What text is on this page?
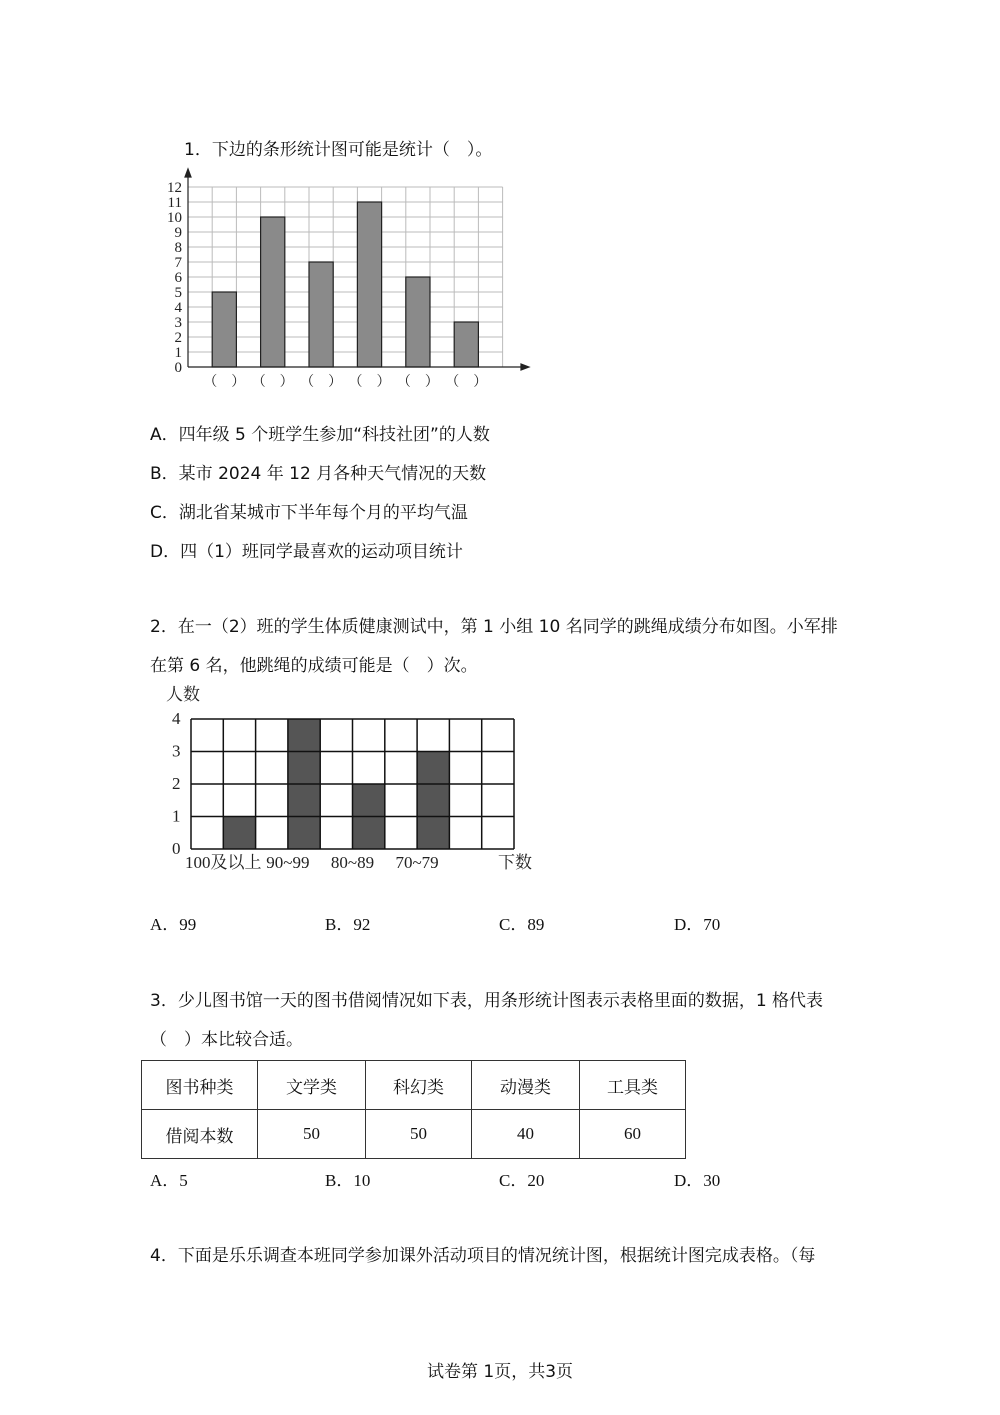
1．下边的条形统计图可能是统计（　）。
0
1
2
3
4
5
6
7
8
9
10
11
12
（　） （　） （　） （　） （　） （　）
A．四年级 5 个班学生参加“科技社团”的人数
B．某市 2024 年 12 月各种天气情况的天数
C．湖北省某城市下半年每个月的平均气温
D．四（1）班同学最喜欢的运动项目统计
2．在一（2）班的学生体质健康测试中，第 1 小组 10 名同学的跳绳成绩分布如图。小军排
在第 6 名，他跳绳的成绩可能是（　）次。
人数
0
1
2
3
4
100及以上 90~99 80~89 70~79	下数
A．99	B．92	C．89	D．70
3．少儿图书馆一天的图书借阅情况如下表，用条形统计图表示表格里面的数据，1 格代表
（　）本比较合适。
图书种类	文学类	科幻类	动漫类	工具类
借阅本数	50	50	40	60
A．5	B．10	C．20	D．30
4．下面是乐乐调查本班同学参加课外活动项目的情况统计图，根据统计图完成表格。（每
试卷第 1页，共3页
